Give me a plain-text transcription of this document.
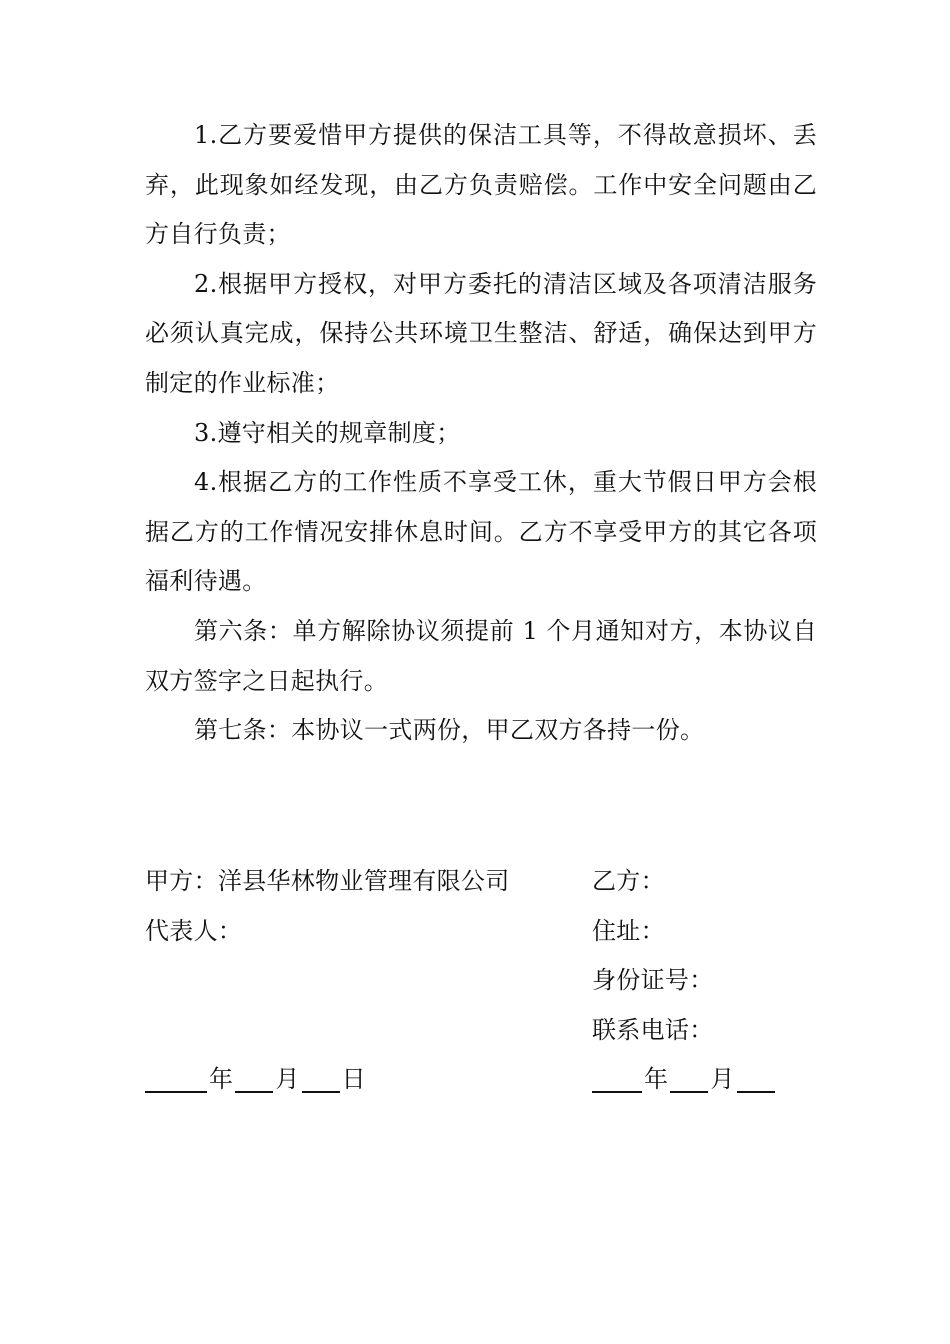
1.乙方要爱惜甲方提供的保洁工具等，不得故意损坏、丢弃，此现象如经发现，由乙方负责赔偿。工作中安全问题由乙方自行负责；

2.根据甲方授权，对甲方委托的清洁区域及各项清洁服务必须认真完成，保持公共环境卫生整洁、舒适，确保达到甲方制定的作业标准；

3.遵守相关的规章制度；

4.根据乙方的工作性质不享受工休，重大节假日甲方会根据乙方的工作情况安排休息时间。乙方不享受甲方的其它各项福利待遇。

第六条：单方解除协议须提前 1 个月通知对方，本协议自双方签字之日起执行。

第七条：本协议一式两份，甲乙双方各持一份。

甲方：洋县华林物业管理有限公司
代表人：
年 月 日
乙方：
住址：
身份证号：
联系电话：
年 月
